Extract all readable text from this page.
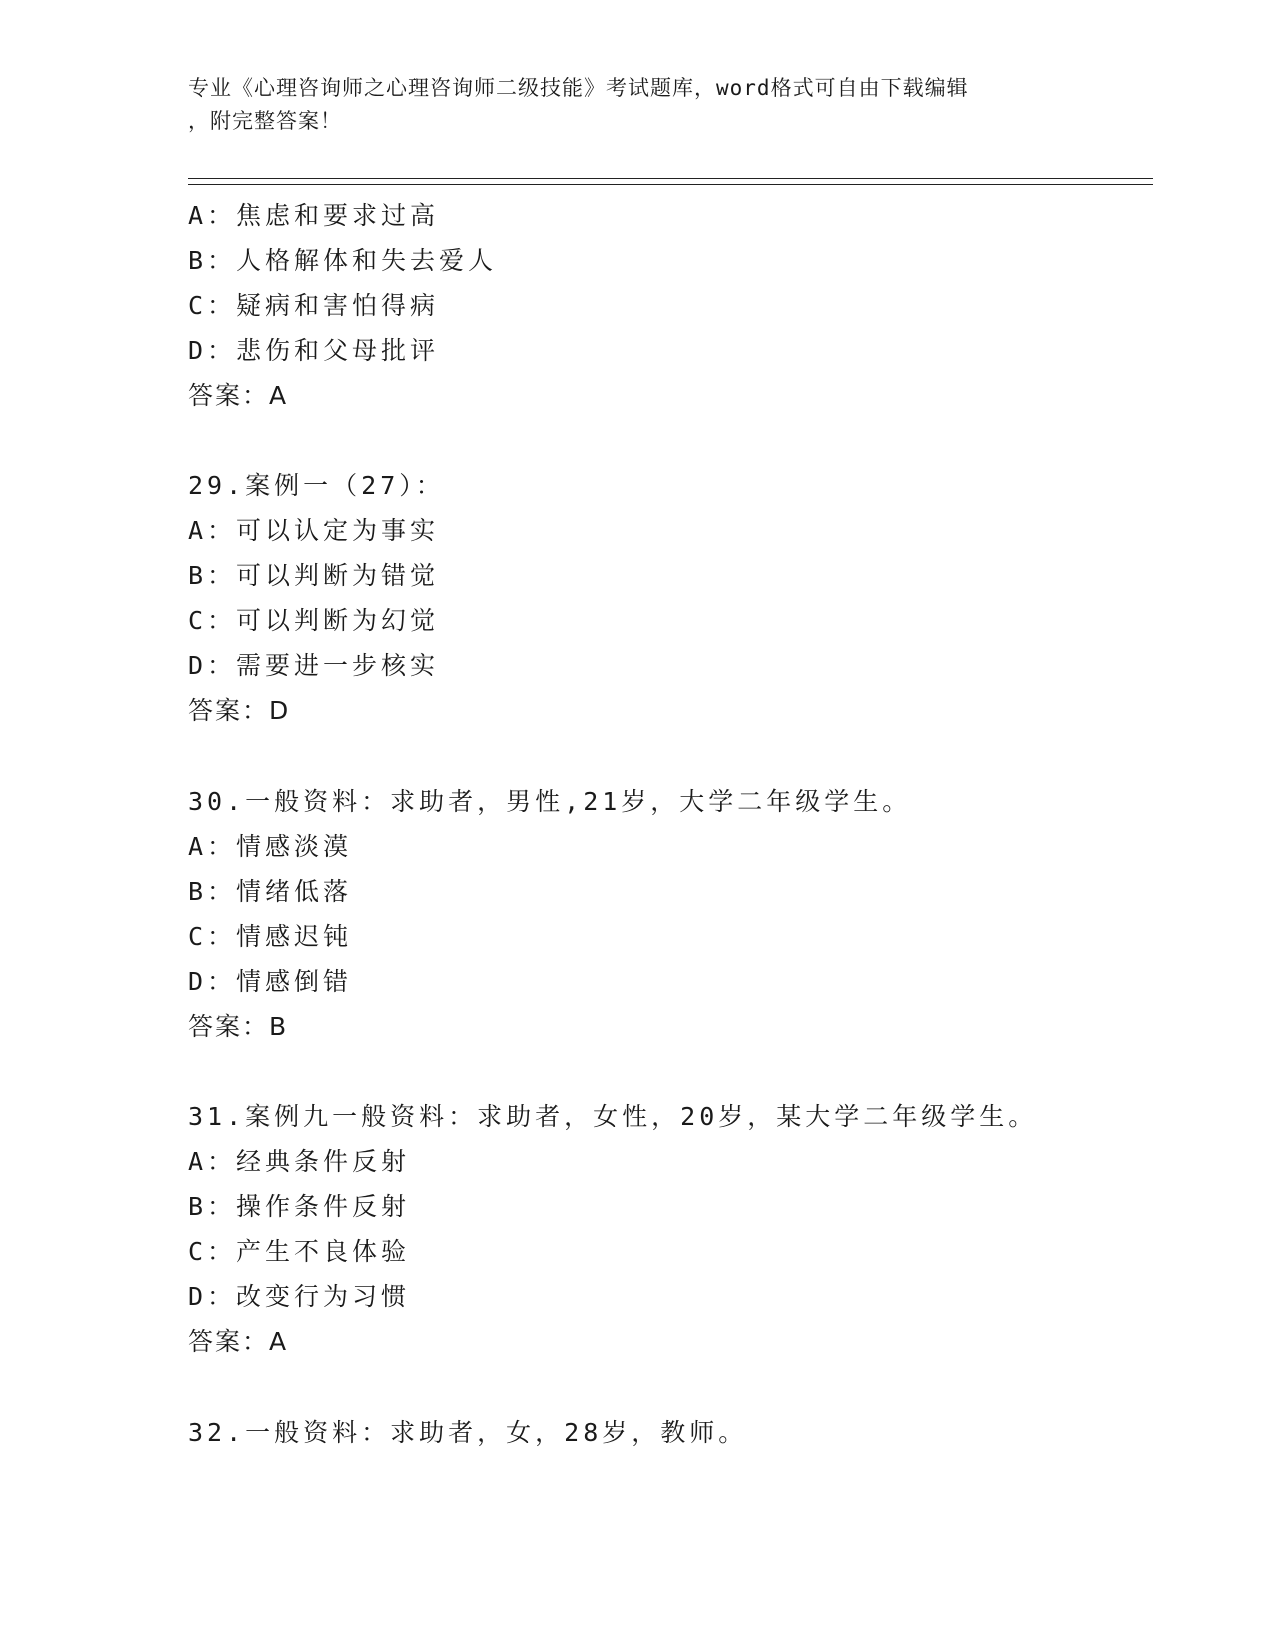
专业《心理咨询师之心理咨询师二级技能》考试题库，word格式可自由下载编辑
，附完整答案！
A：焦虑和要求过高
B：人格解体和失去爱人
C：疑病和害怕得病
D：悲伤和父母批评
答案：A
29.案例一（27）：
A：可以认定为事实
B：可以判断为错觉
C：可以判断为幻觉
D：需要进一步核实
答案：D
30.一般资料：求助者，男性,21岁，大学二年级学生。
A：情感淡漠
B：情绪低落
C：情感迟钝
D：情感倒错
答案：B
31.案例九一般资料：求助者，女性，20岁，某大学二年级学生。
A：经典条件反射
B：操作条件反射
C：产生不良体验
D：改变行为习惯
答案：A
32.一般资料：求助者，女，28岁，教师。
